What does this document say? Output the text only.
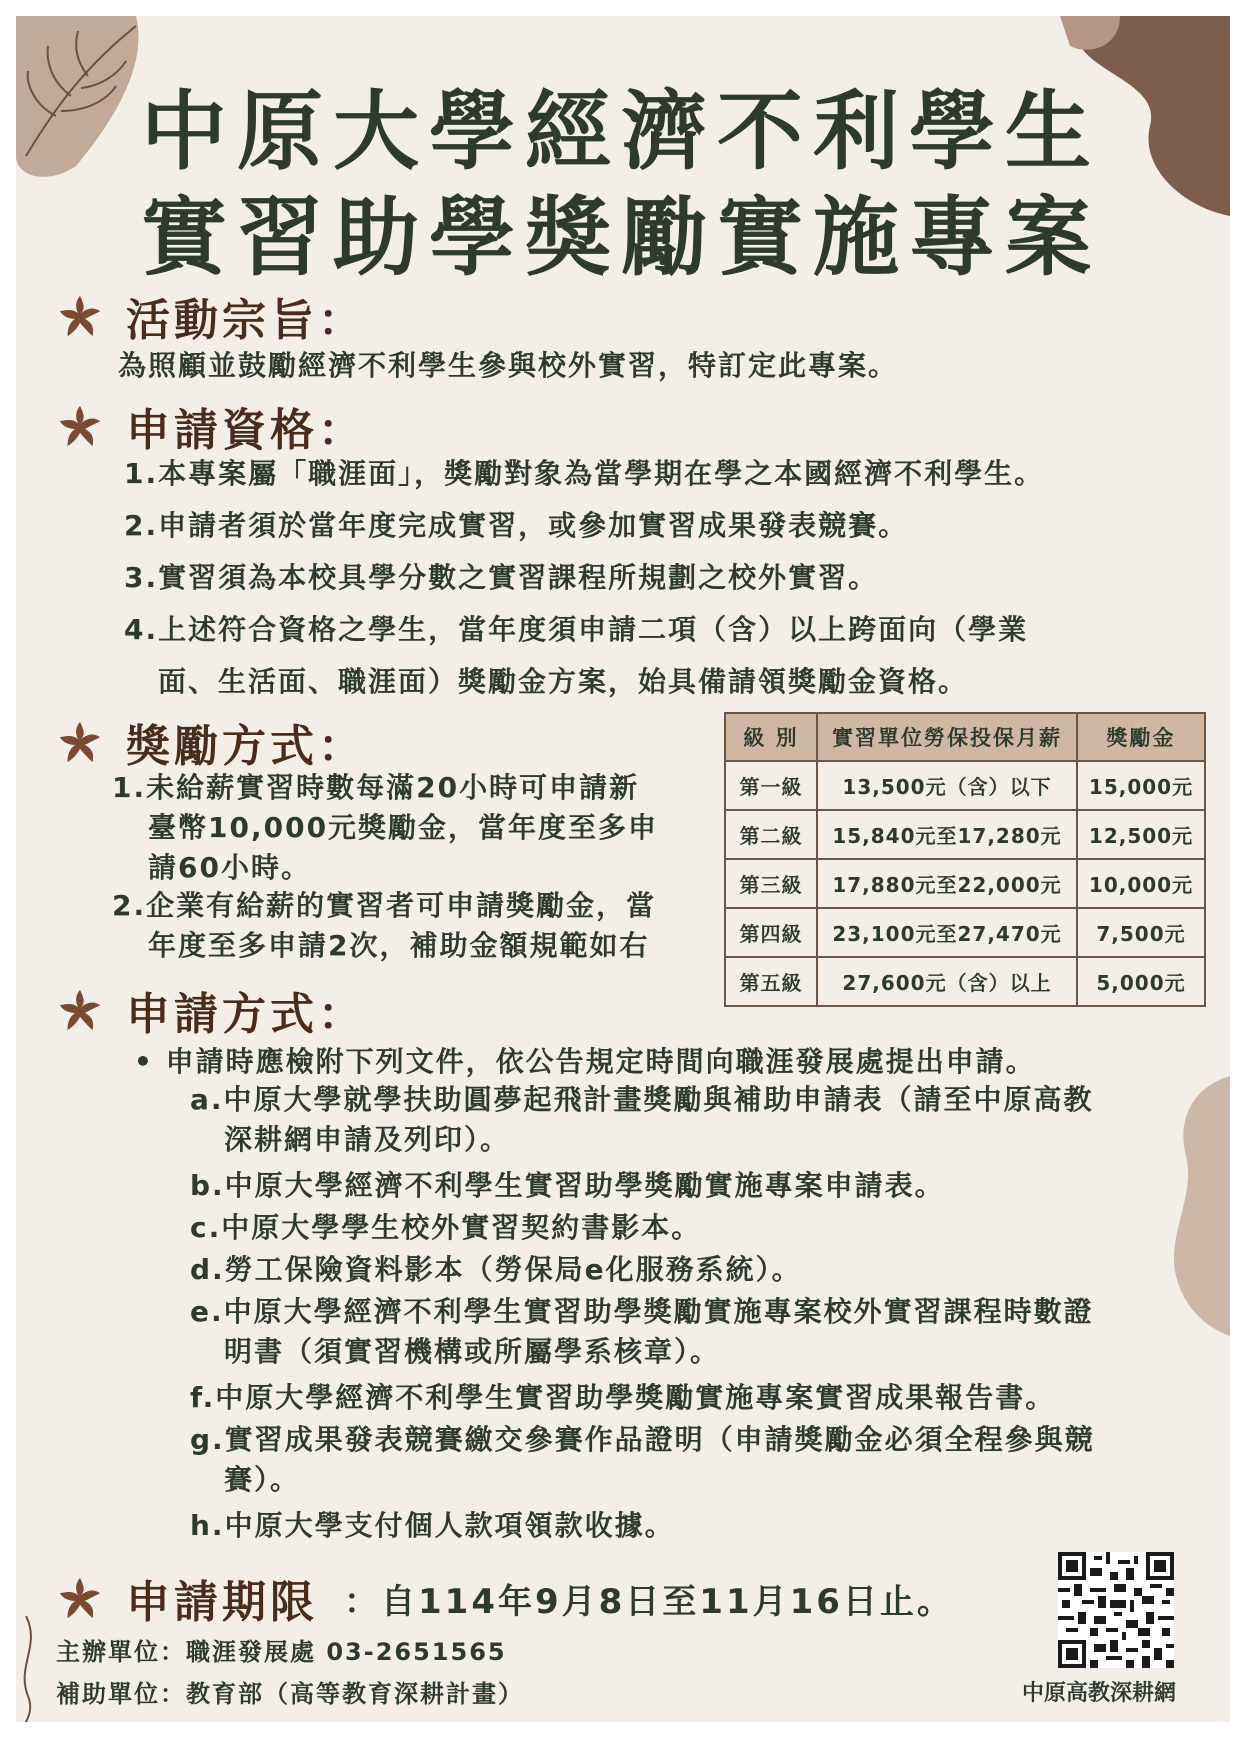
中原大學經濟不利學生
實習助學獎勵實施專案
活動宗旨：
為照顧並鼓勵經濟不利學生參與校外實習，特訂定此專案。
申請資格：
1.本專案屬「職涯面」，獎勵對象為當學期在學之本國經濟不利學生。
2.申請者須於當年度完成實習，或參加實習成果發表競賽。
3.實習須為本校具學分數之實習課程所規劃之校外實習。
4.上述符合資格之學生，當年度須申請二項（含）以上跨面向（學業
面、生活面、職涯面）獎勵金方案，始具備請領獎勵金資格。
獎勵方式：
1.未給薪實習時數每滿20小時可申請新
臺幣10,000元獎勵金，當年度至多申
請60小時。
2.企業有給薪的實習者可申請獎勵金，當
年度至多申請2次，補助金額規範如右
級 別	實習單位勞保投保月薪	獎勵金
第一級	13,500元（含）以下	15,000元
第二級	15,840元至17,280元	12,500元
第三級	17,880元至22,000元	10,000元
第四級	23,100元至27,470元	7,500元
第五級	27,600元（含）以上	5,000元
申請方式：
• 申請時應檢附下列文件，依公告規定時間向職涯發展處提出申請。
a.中原大學就學扶助圓夢起飛計畫獎勵與補助申請表（請至中原高教
深耕網申請及列印）。
b.中原大學經濟不利學生實習助學獎勵實施專案申請表。
c.中原大學學生校外實習契約書影本。
d.勞工保險資料影本（勞保局e化服務系統）。
e.中原大學經濟不利學生實習助學獎勵實施專案校外實習課程時數證
明書（須實習機構或所屬學系核章）。
f.中原大學經濟不利學生實習助學獎勵實施專案實習成果報告書。
g.實習成果發表競賽繳交參賽作品證明（申請獎勵金必須全程參與競
賽）。
h.中原大學支付個人款項領款收據。
申請期限 ：自114年9月8日至11月16日止。
主辦單位：職涯發展處 03-2651565
補助單位：教育部（高等教育深耕計畫）	中原高教深耕網
